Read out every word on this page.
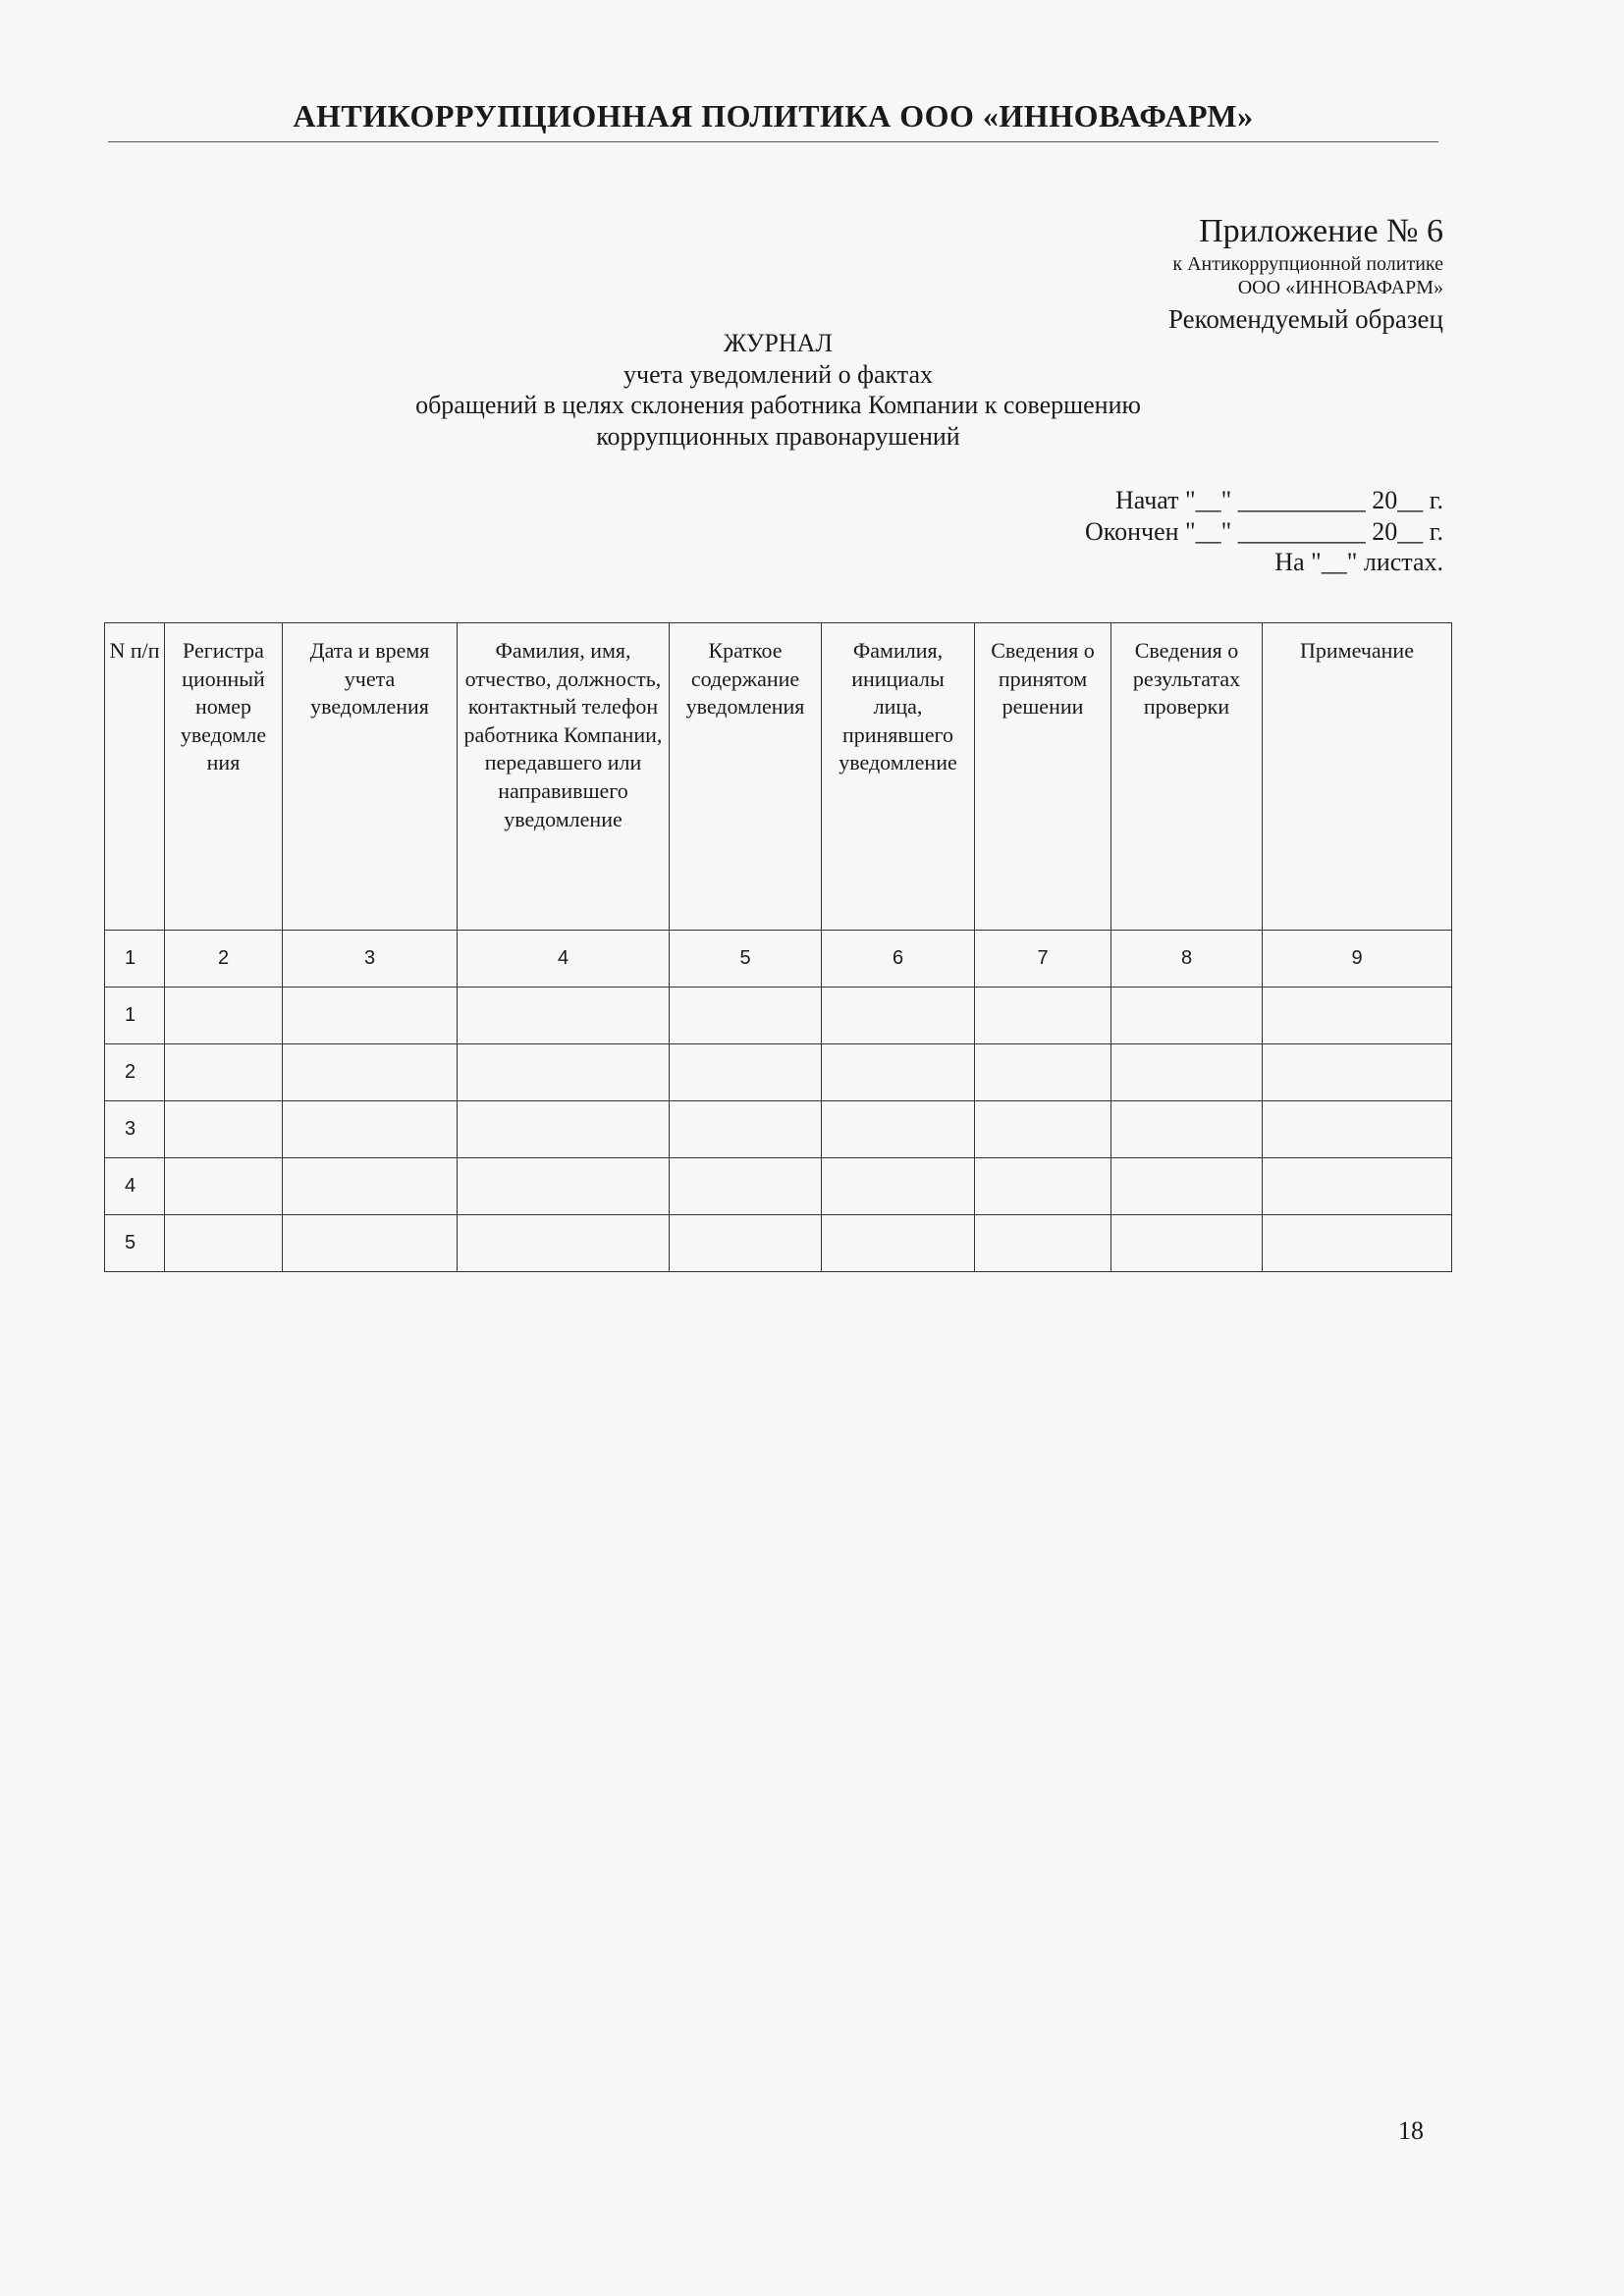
АНТИКОРРУПЦИОННАЯ ПОЛИТИКА ООО «ИННОВАФАРМ»
Приложение № 6
к Антикоррупционной политике
ООО «ИННОВАФАРМ»
Рекомендуемый образец
ЖУРНАЛ
учета уведомлений о фактах
обращений в целях склонения работника Компании к совершению
коррупционных правонарушений
Начат "__" __________ 20__ г.
Окончен "__" __________ 20__ г.
На "__" листах.
N п/п	Регистра ционный номер уведомле ния	Дата и время учета уведомления	Фамилия, имя, отчество, должность, контактный телефон работника Компании, передавшего или направившего уведомление	Краткое содержание уведомления	Фамилия, инициалы лица, принявшего уведомление	Сведения о принятом решении	Сведения о результатах проверки	Примечание
1	2	3	4	5	6	7	8	9
1								
2								
3								
4								
5								
18
